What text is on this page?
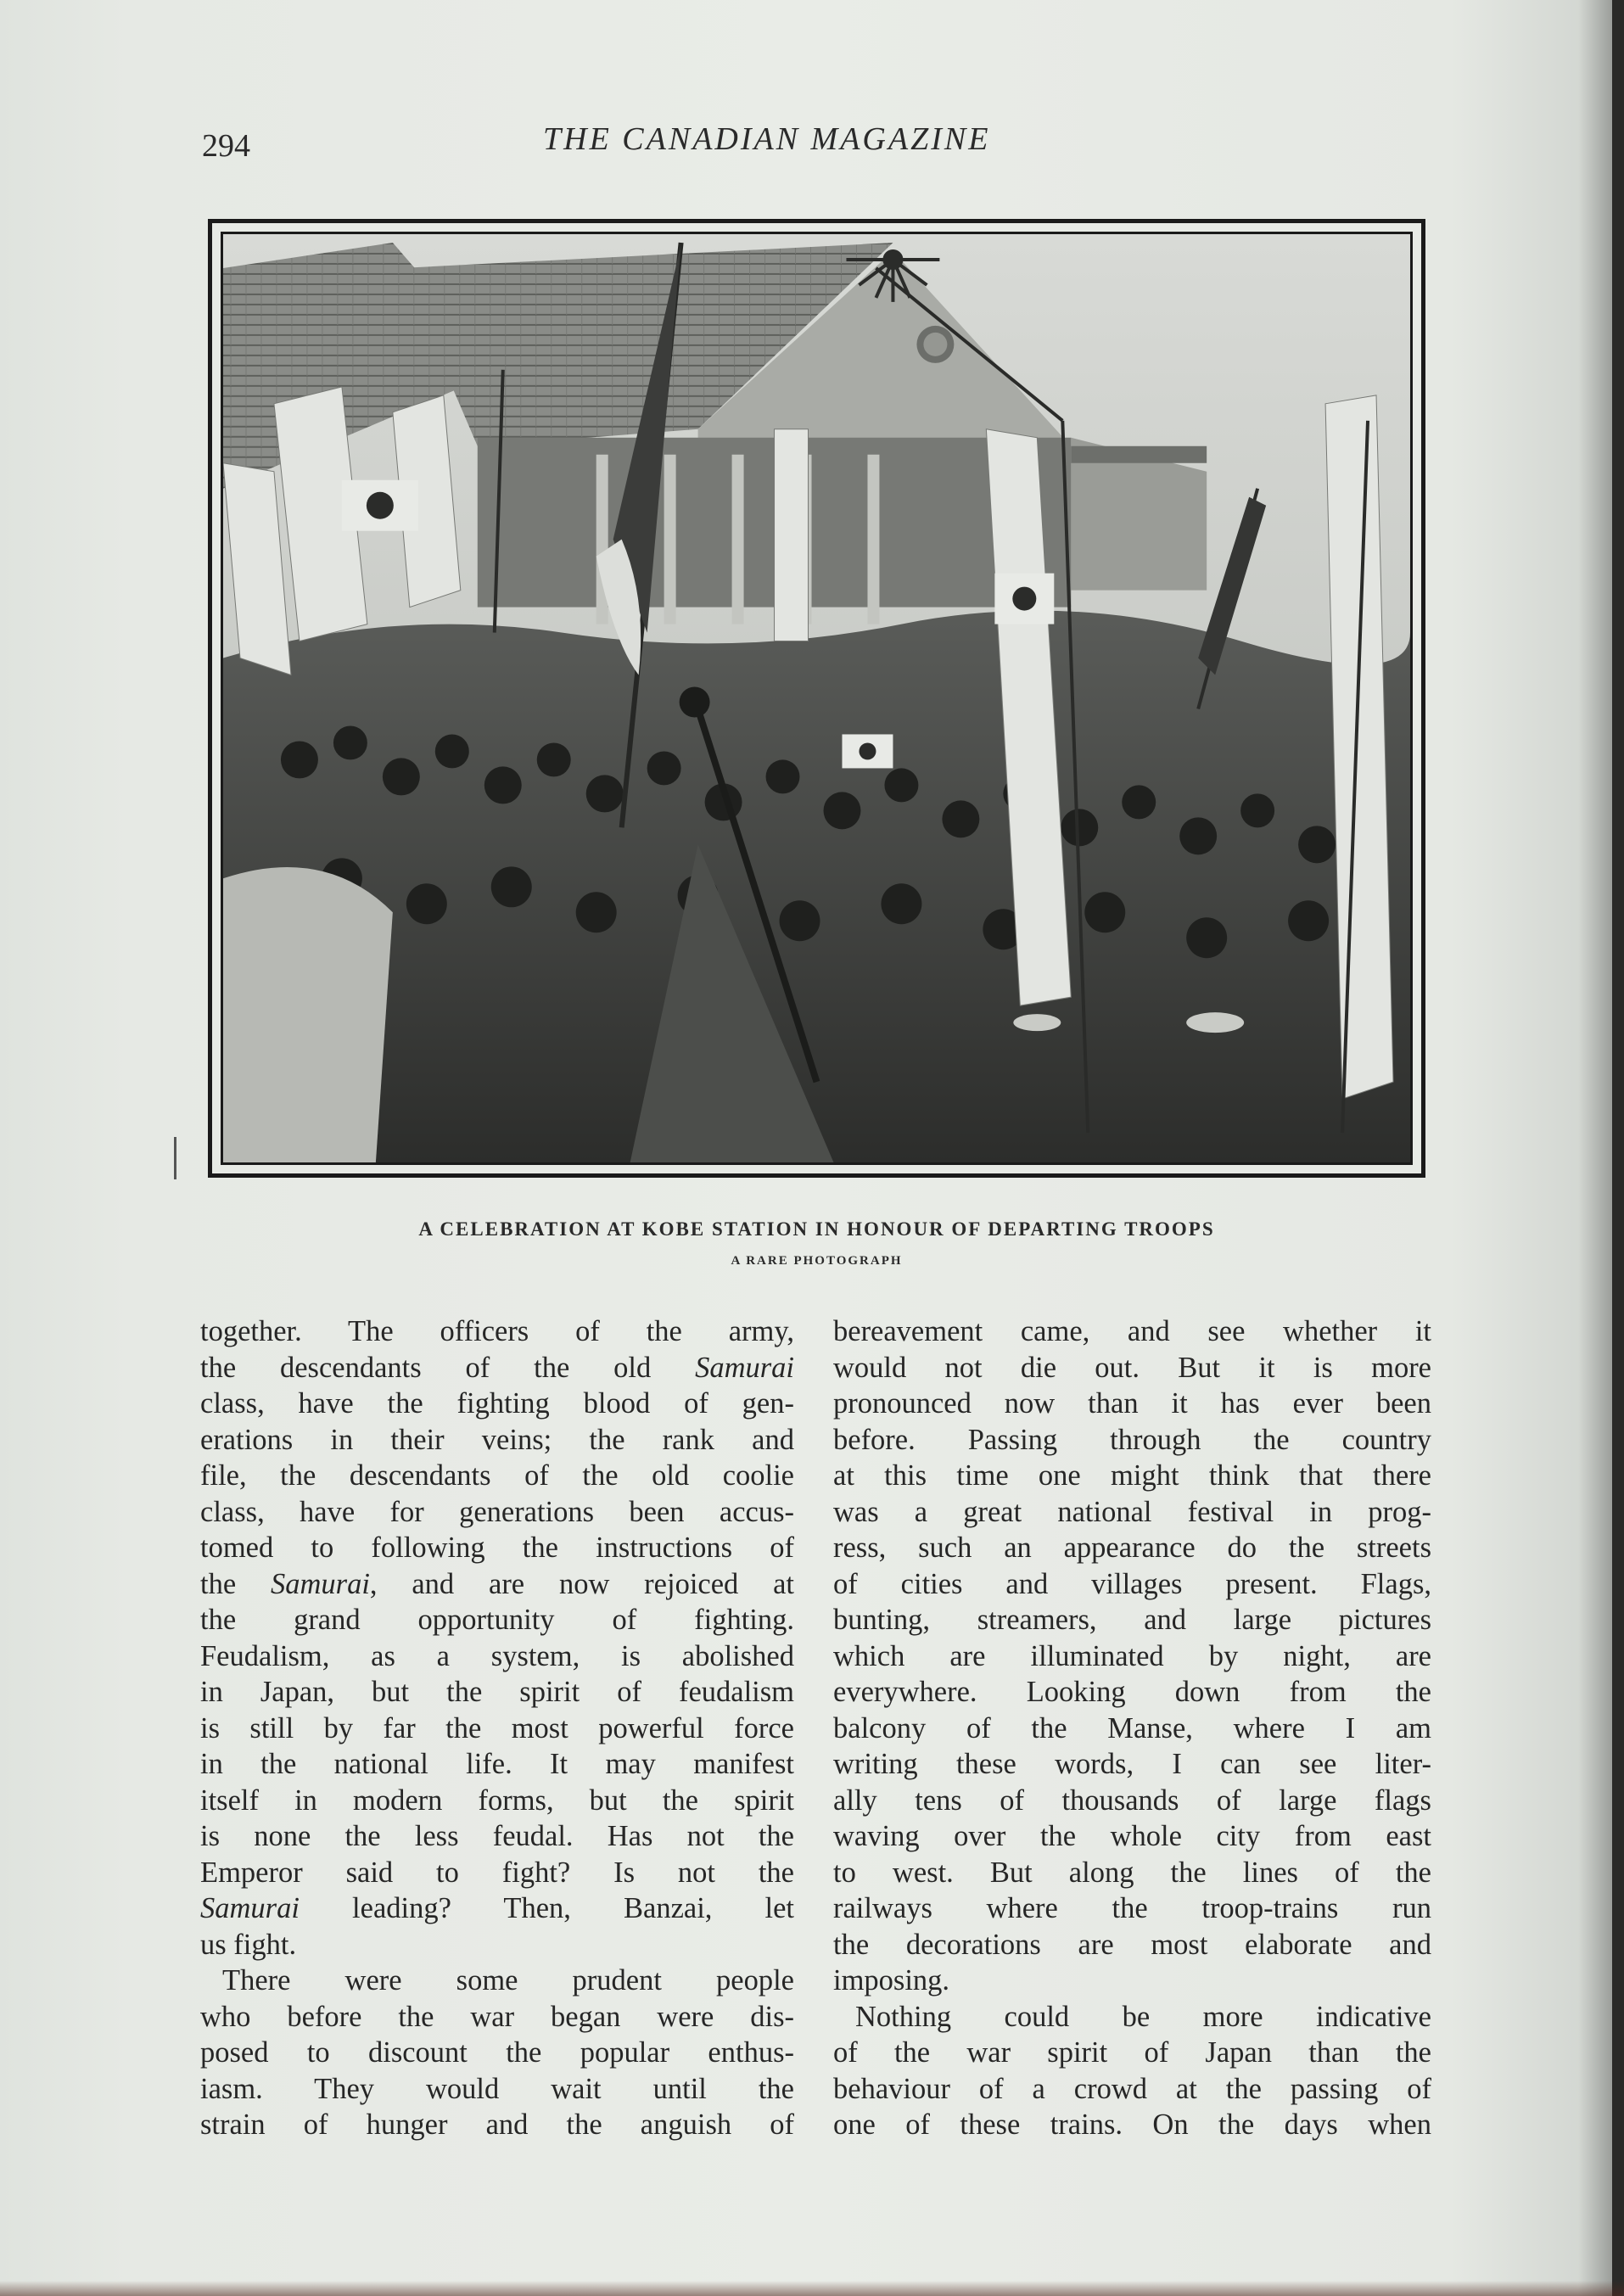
294	THE CANADIAN MAGAZINE
A CELEBRATION AT KOBE STATION IN HONOUR OF DEPARTING TROOPS
A RARE PHOTOGRAPH
together. The officers of the army,
the descendants of the old Samurai
class, have the fighting blood of gen-
erations in their veins; the rank and
file, the descendants of the old coolie
class, have for generations been accus-
tomed to following the instructions of
the Samurai, and are now rejoiced at
the grand opportunity of fighting.
Feudalism, as a system, is abolished
in Japan, but the spirit of feudalism
is still by far the most powerful force
in the national life. It may manifest
itself in modern forms, but the spirit
is none the less feudal. Has not the
Emperor said to fight? Is not the
Samurai leading? Then, Banzai, let
us fight.
There were some prudent people
who before the war began were dis-
posed to discount the popular enthus-
iasm. They would wait until the
strain of hunger and the anguish of
bereavement came, and see whether it
would not die out. But it is more
pronounced now than it has ever been
before. Passing through the country
at this time one might think that there
was a great national festival in prog-
ress, such an appearance do the streets
of cities and villages present. Flags,
bunting, streamers, and large pictures
which are illuminated by night, are
everywhere. Looking down from the
balcony of the Manse, where I am
writing these words, I can see liter-
ally tens of thousands of large flags
waving over the whole city from east
to west. But along the lines of the
railways where the troop-trains run
the decorations are most elaborate and
imposing.
Nothing could be more indicative
of the war spirit of Japan than the
behaviour of a crowd at the passing of
one of these trains. On the days when
